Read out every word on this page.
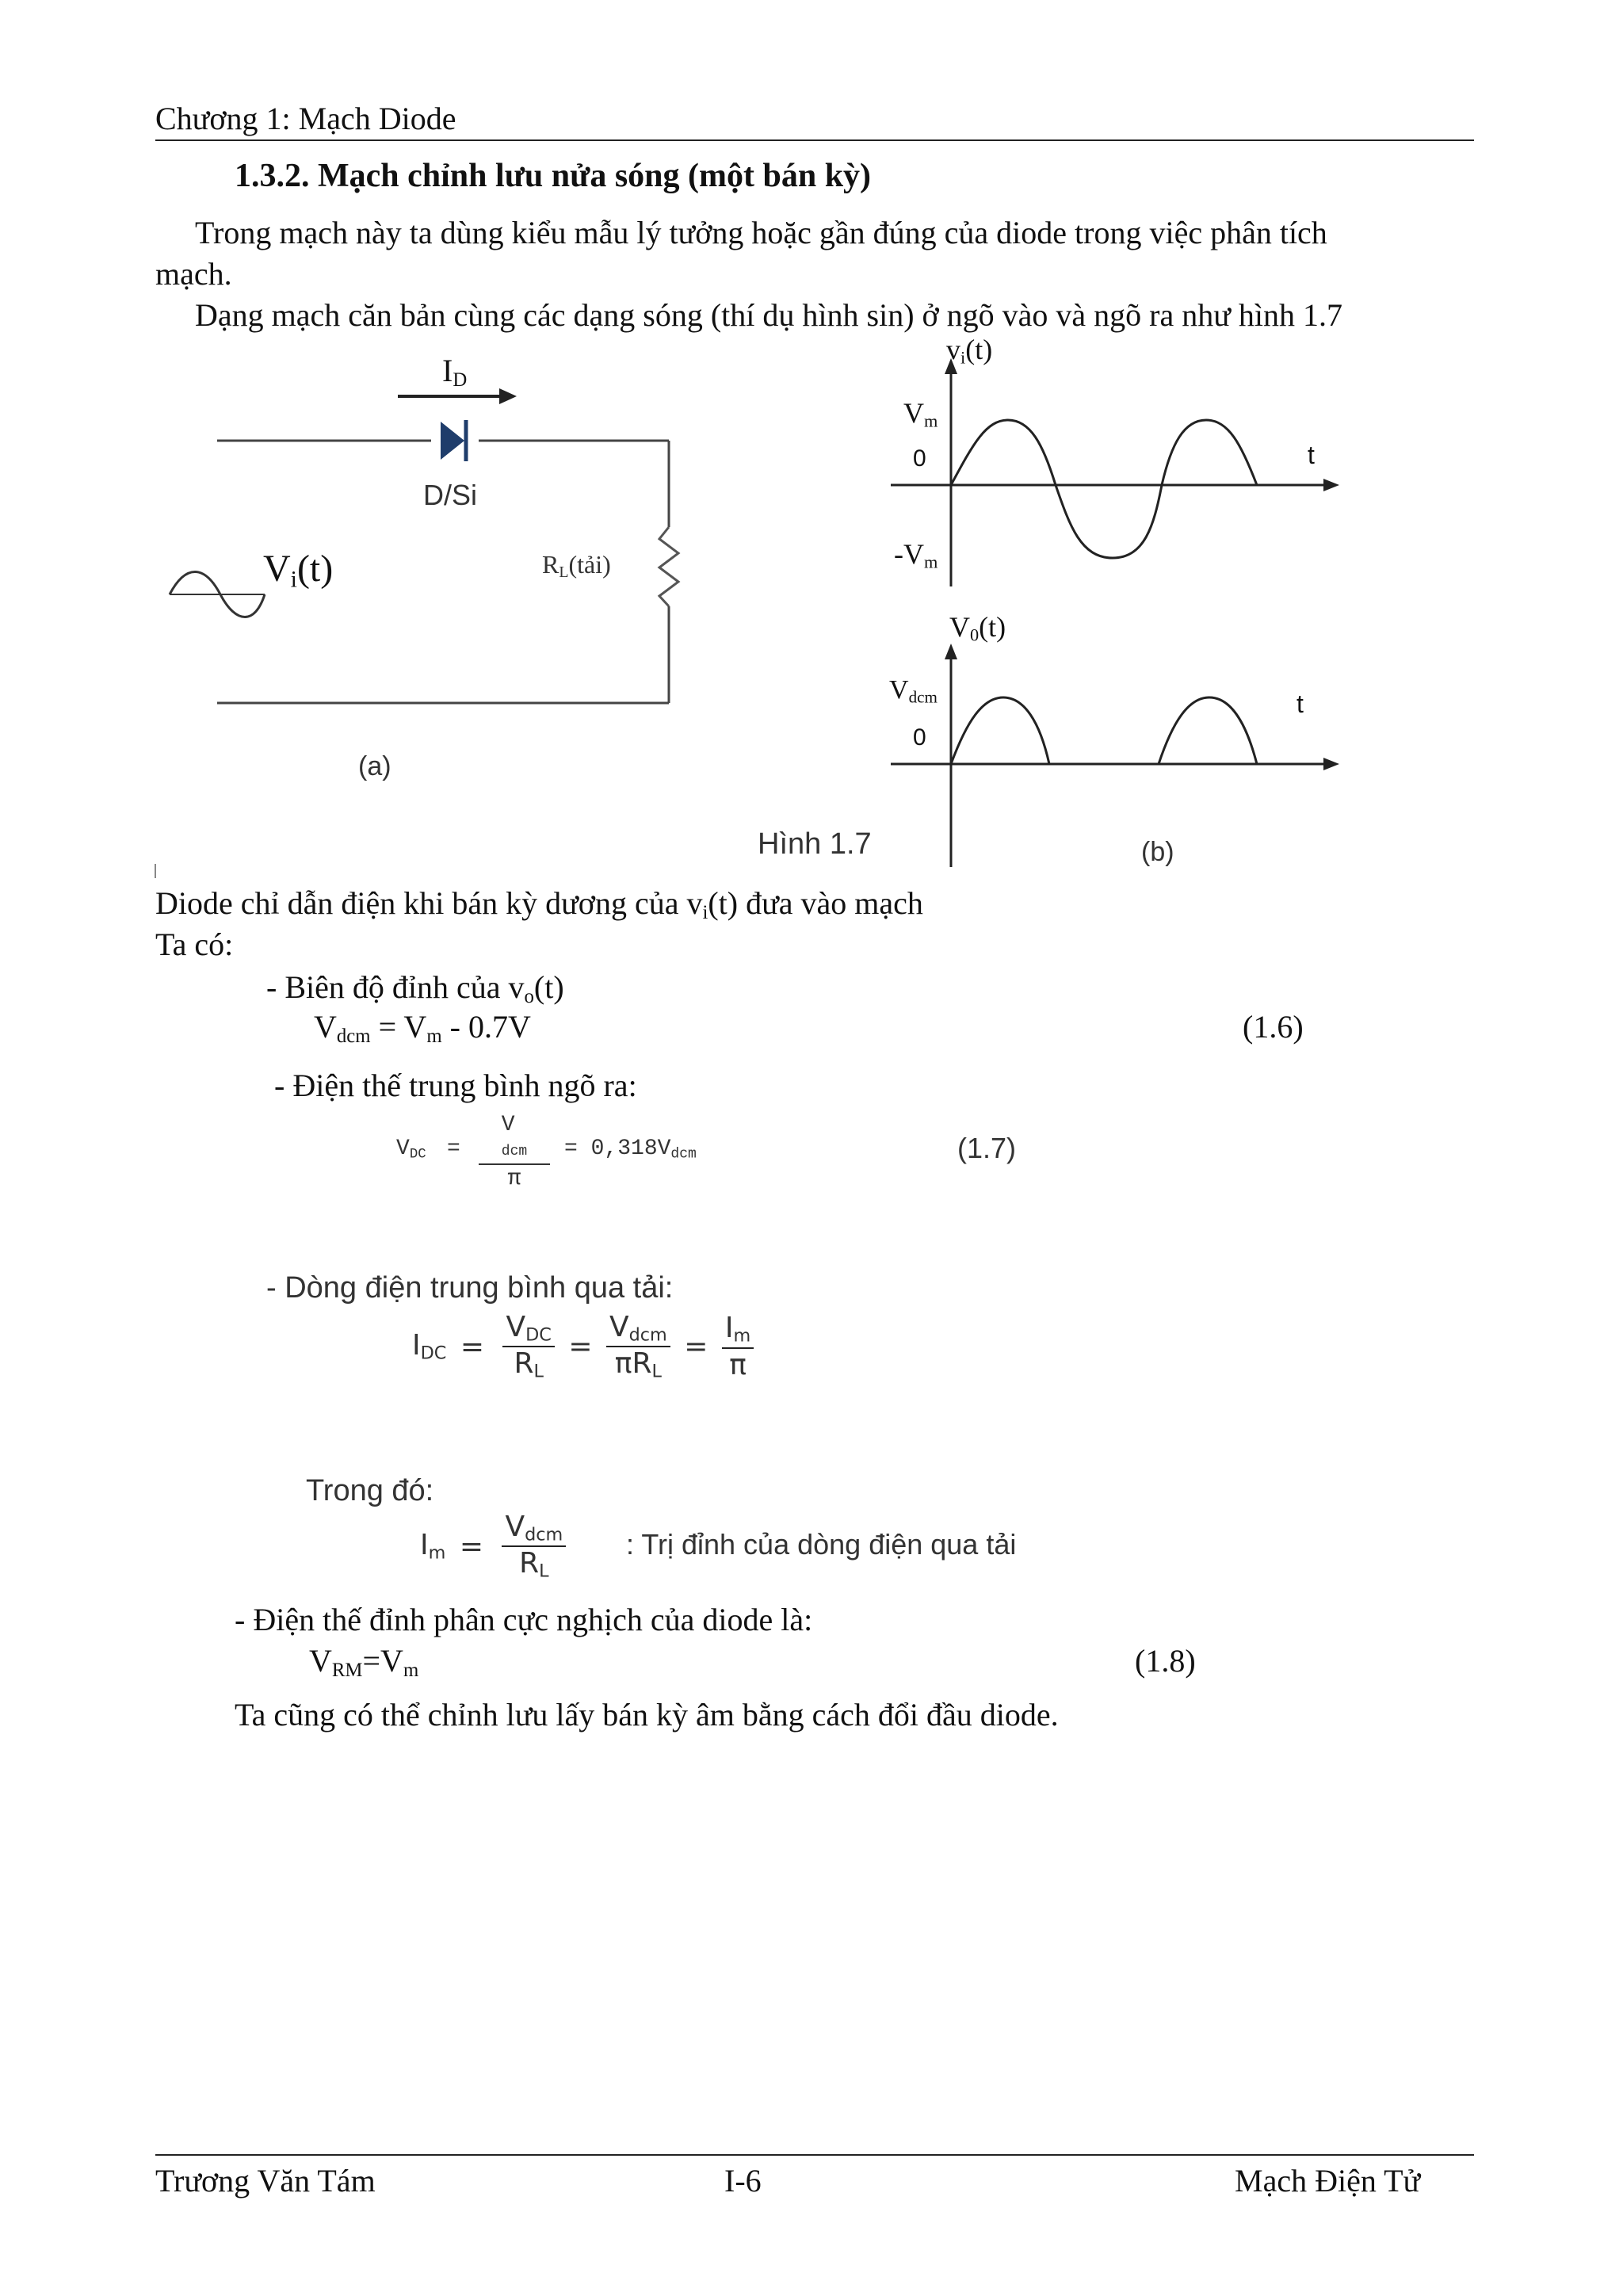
Chương 1: Mạch Diode
1.3.2. Mạch chỉnh lưu nửa sóng (một bán kỳ)
Trong mạch này ta dùng kiểu mẫu lý tưởng hoặc gần đúng của diode trong việc phân tích
mạch.
Dạng mạch căn bản cùng các dạng sóng (thí dụ hình sin) ở ngõ vào và ngõ ra như hình 1.7
$I_D$
D/Si
$V_i(t)$	$R_L(tải)$
(a)
$v_i(t)$
$V_m$
0
$-V_m$
t
$V_0(t)$
$V_{dcm}$
0
t
(b)
Hình 1.7
Diode chỉ dẫn điện khi bán kỳ dương của $v_i(t)$ đưa vào mạch
Ta có:
- Biên độ đỉnh của $v_o(t)$
$V_{dcm} = V_m - 0.7V$	(1.6)
- Điện thế trung bình ngõ ra:
$V_{DC}$ =
V
dcm
π
= $0,318V_{dcm}$	(1.7)
- Dòng điện trung bình qua tải:
$I_{DC} = \frac{V_{DC}}{R_L} = \frac{V_{dcm}}{\pi R_L} = \frac{I_m}{\pi}$
Trong đó:
$I_m = \frac{V_{dcm}}{R_L}$ : Trị đỉnh của dòng điện qua tải
- Điện thế đỉnh phân cực nghịch của diode là:
$V_{RM}=V_m$	(1.8)
Ta cũng có thể chỉnh lưu lấy bán kỳ âm bằng cách đổi đầu diode.
Trương Văn Tám	I-6	Mạch Điện Tử
